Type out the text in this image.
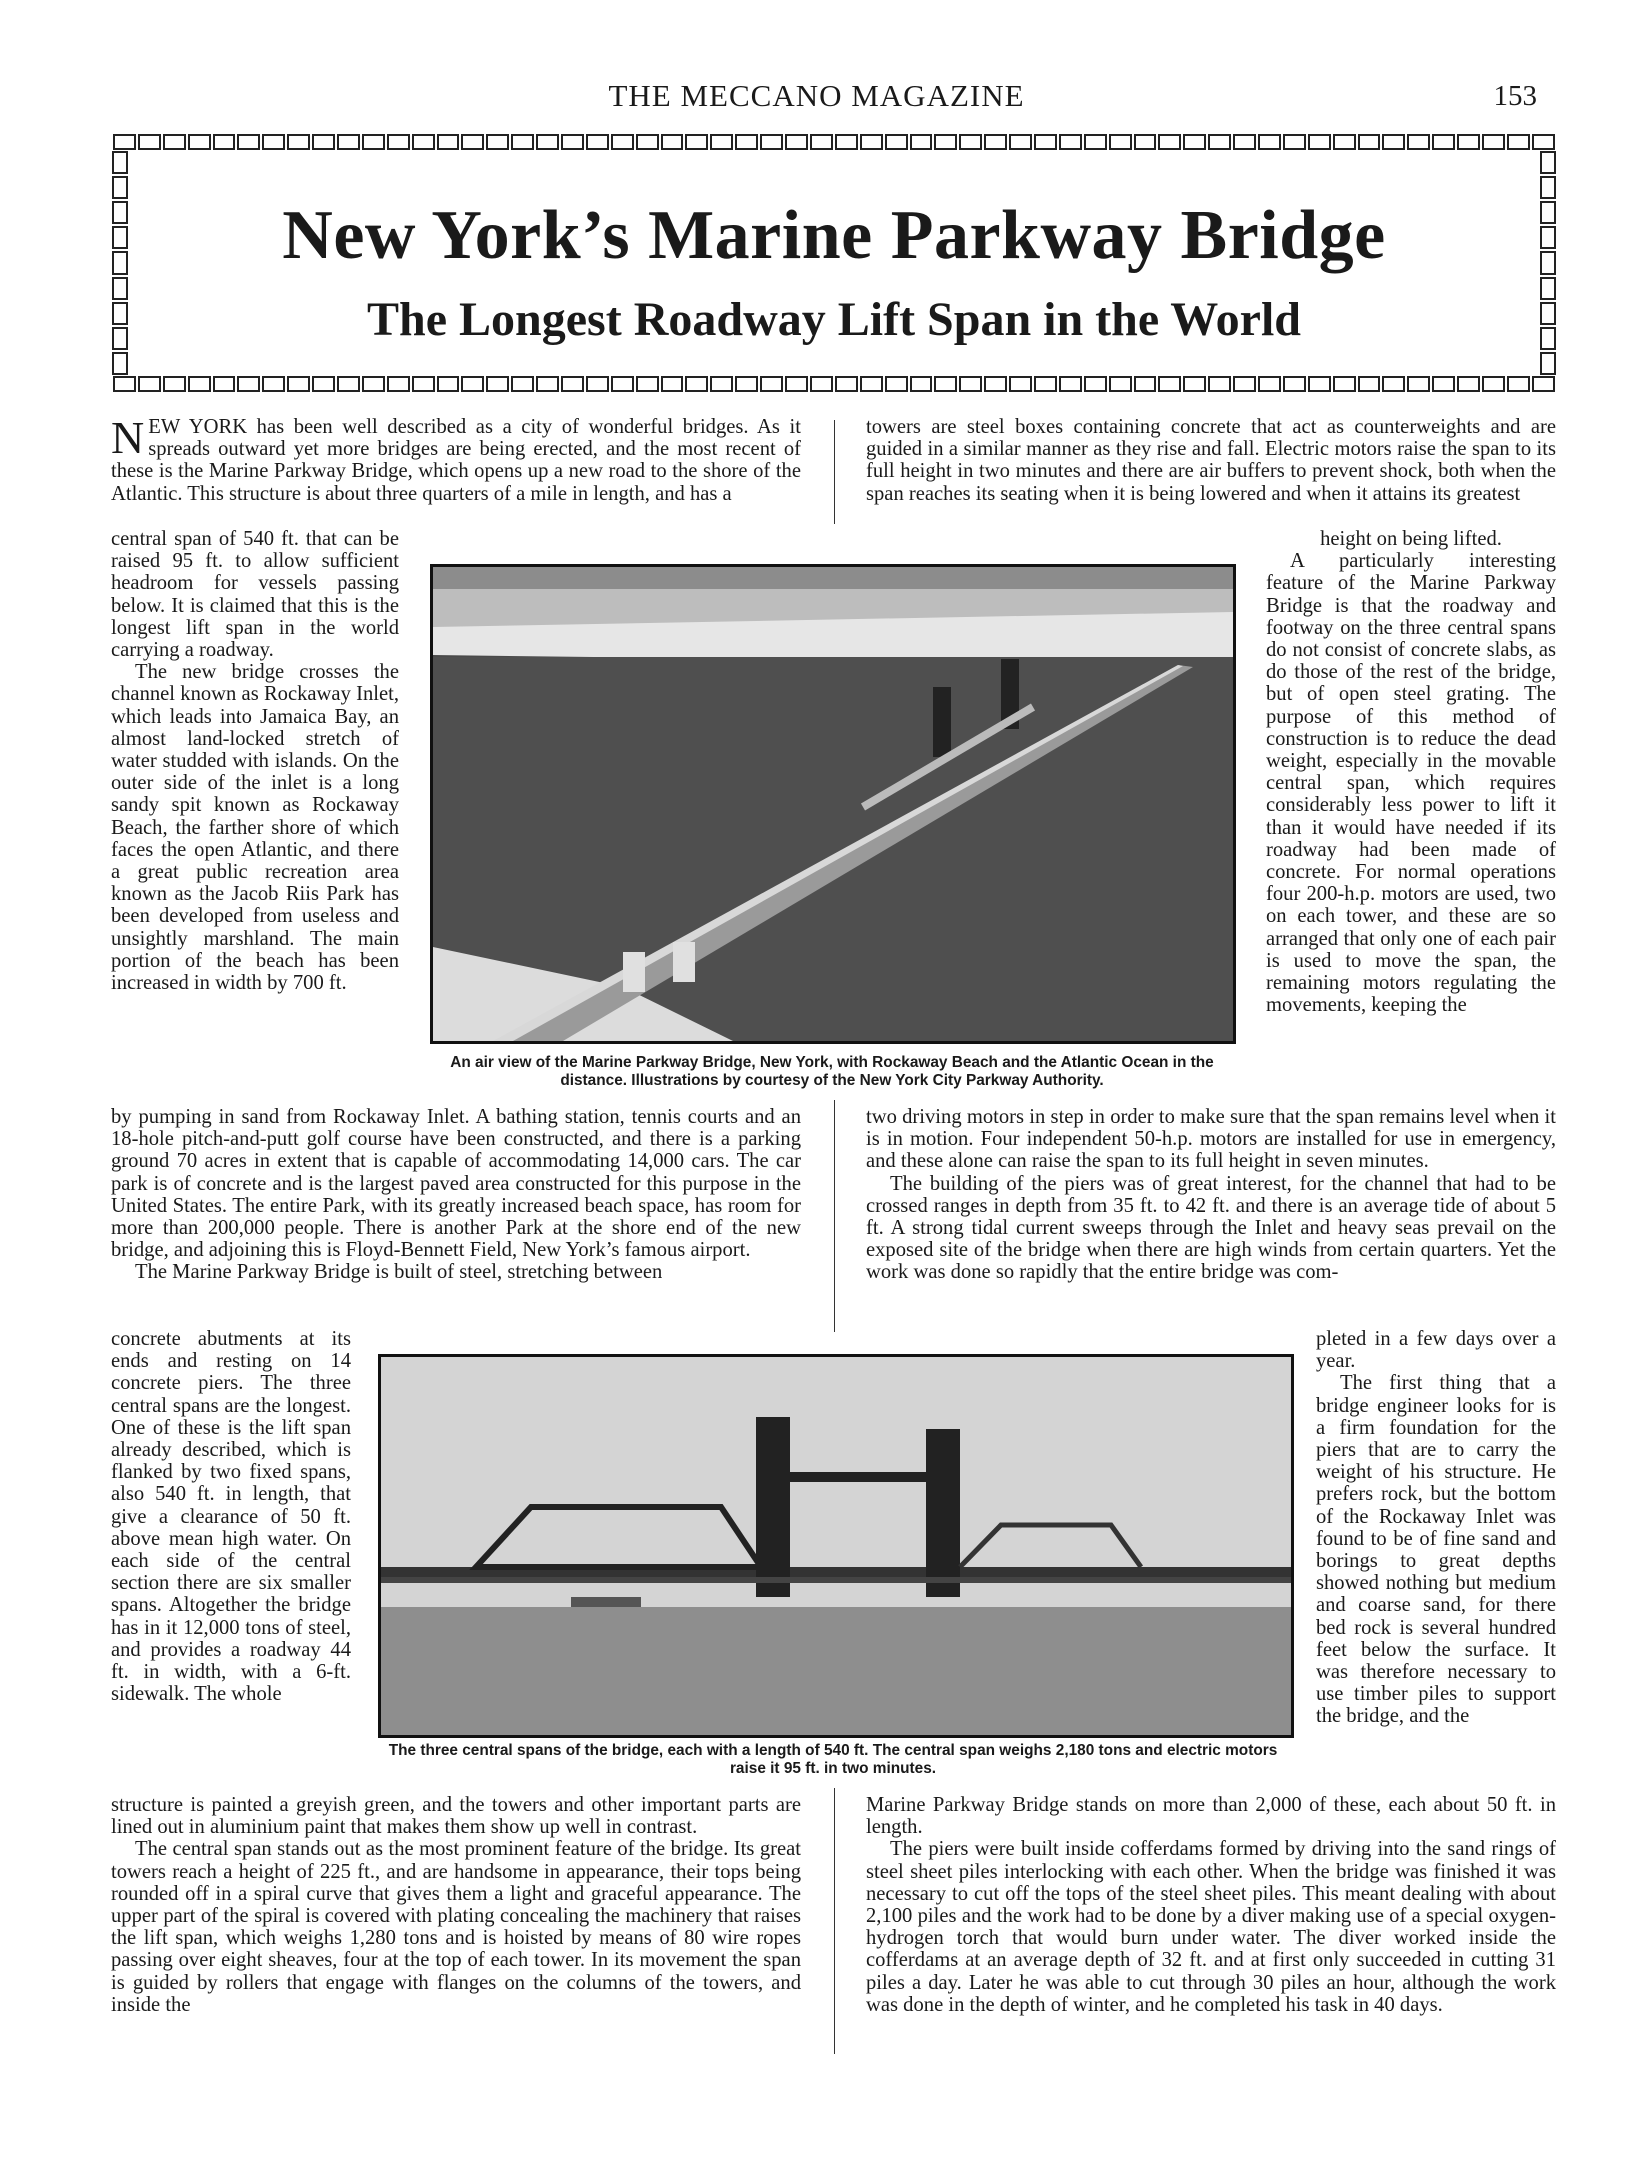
THE MECCANO MAGAZINE	153
New York’s Marine Parkway Bridge
The Longest Roadway Lift Span in the World
NEW YORK has been well described as a city of wonderful bridges. As it spreads outward yet more bridges are being erected, and the most recent of these is the Marine Parkway Bridge, which opens up a new road to the shore of the Atlantic. This structure is about three quarters of a mile in length, and has a

central span of 540 ft. that can be raised 95 ft. to allow sufficient headroom for vessels passing below. It is claimed that this is the longest lift span in the world carrying a roadway.

The new bridge crosses the channel known as Rockaway Inlet, which leads into Jamaica Bay, an almost land-locked stretch of water studded with islands. On the outer side of the inlet is a long sandy spit known as Rockaway Beach, the farther shore of which faces the open Atlantic, and there a great public recreation area known as the Jacob Riis Park has been developed from useless and unsightly marshland. The main portion of the beach has been increased in width by 700 ft.

by pumping in sand from Rockaway Inlet. A bathing station, tennis courts and an 18-hole pitch-and-putt golf course have been constructed, and there is a parking ground 70 acres in extent that is capable of accommodating 14,000 cars. The car park is of concrete and is the largest paved area constructed for this purpose in the United States. The entire Park, with its greatly increased beach space, has room for more than 200,000 people. There is another Park at the shore end of the new bridge, and adjoining this is Floyd-Bennett Field, New York’s famous airport.

The Marine Parkway Bridge is built of steel, stretching between

concrete abutments at its ends and resting on 14 concrete piers. The three central spans are the longest. One of these is the lift span already described, which is flanked by two fixed spans, also 540 ft. in length, that give a clearance of 50 ft. above mean high water. On each side of the central section there are six smaller spans. Altogether the bridge has in it 12,000 tons of steel, and provides a roadway 44 ft. in width, with a 6-ft. sidewalk. The whole

structure is painted a greyish green, and the towers and other important parts are lined out in aluminium paint that makes them show up well in contrast.

The central span stands out as the most prominent feature of the bridge. Its great towers reach a height of 225 ft., and are handsome in appearance, their tops being rounded off in a spiral curve that gives them a light and graceful appearance. The upper part of the spiral is covered with plating concealing the machinery that raises the lift span, which weighs 1,280 tons and is hoisted by means of 80 wire ropes passing over eight sheaves, four at the top of each tower. In its movement the span is guided by rollers that engage with flanges on the columns of the towers, and inside the

towers are steel boxes containing concrete that act as counterweights and are guided in a similar manner as they rise and fall. Electric motors raise the span to its full height in two minutes and there are air buffers to prevent shock, both when the span reaches its seating when it is being lowered and when it attains its greatest

height on being lifted.

A particularly interesting feature of the Marine Parkway Bridge is that the roadway and footway on the three central spans do not consist of concrete slabs, as do those of the rest of the bridge, but of open steel grating. The purpose of this method of construction is to reduce the dead weight, especially in the movable central span, which requires considerably less power to lift it than it would have needed if its roadway had been made of concrete. For normal operations four 200-h.p. motors are used, two on each tower, and these are so arranged that only one of each pair is used to move the span, the remaining motors regulating the movements, keeping the

two driving motors in step in order to make sure that the span remains level when it is in motion. Four independent 50-h.p. motors are installed for use in emergency, and these alone can raise the span to its full height in seven minutes.

The building of the piers was of great interest, for the channel that had to be crossed ranges in depth from 35 ft. to 42 ft. and there is an average tide of about 5 ft. A strong tidal current sweeps through the Inlet and heavy seas prevail on the exposed site of the bridge when there are high winds from certain quarters. Yet the work was done so rapidly that the entire bridge was com-

pleted in a few days over a year.

The first thing that a bridge engineer looks for is a firm foundation for the piers that are to carry the weight of his structure. He prefers rock, but the bottom of the Rockaway Inlet was found to be of fine sand and borings to great depths showed nothing but medium and coarse sand, for there bed rock is several hundred feet below the surface. It was therefore necessary to use timber piles to support the bridge, and the

Marine Parkway Bridge stands on more than 2,000 of these, each about 50 ft. in length.

The piers were built inside cofferdams formed by driving into the sand rings of steel sheet piles interlocking with each other. When the bridge was finished it was necessary to cut off the tops of the steel sheet piles. This meant dealing with about 2,100 piles and the work had to be done by a diver making use of a special oxygen-hydrogen torch that would burn under water. The diver worked inside the cofferdams at an average depth of 32 ft. and at first only succeeded in cutting 31 piles a day. Later he was able to cut through 30 piles an hour, although the work was done in the depth of winter, and he completed his task in 40 days.

An air view of the Marine Parkway Bridge, New York, with Rockaway Beach and the Atlantic Ocean in the distance. Illustrations by courtesy of the New York City Parkway Authority.
The three central spans of the bridge, each with a length of 540 ft. The central span weighs 2,180 tons and electric motors raise it 95 ft. in two minutes.
